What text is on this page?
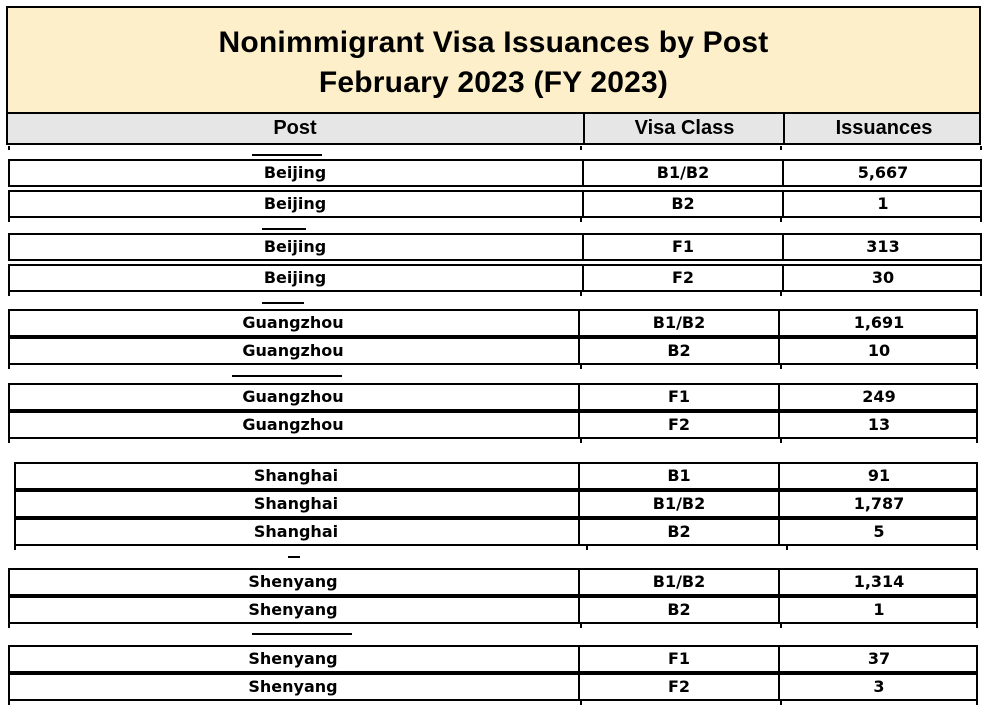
Nonimmigrant Visa Issuances by Post
February 2023 (FY 2023)
Post	Visa Class	Issuances
Beijing	B1/B2	5,667
Beijing	B2	1
Beijing	F1	313
Beijing	F2	30
Guangzhou	B1/B2	1,691
Guangzhou	B2	10
Guangzhou	F1	249
Guangzhou	F2	13
Shanghai	B1	91
Shanghai	B1/B2	1,787
Shanghai	B2	5
Shenyang	B1/B2	1,314
Shenyang	B2	1
Shenyang	F1	37
Shenyang	F2	3
